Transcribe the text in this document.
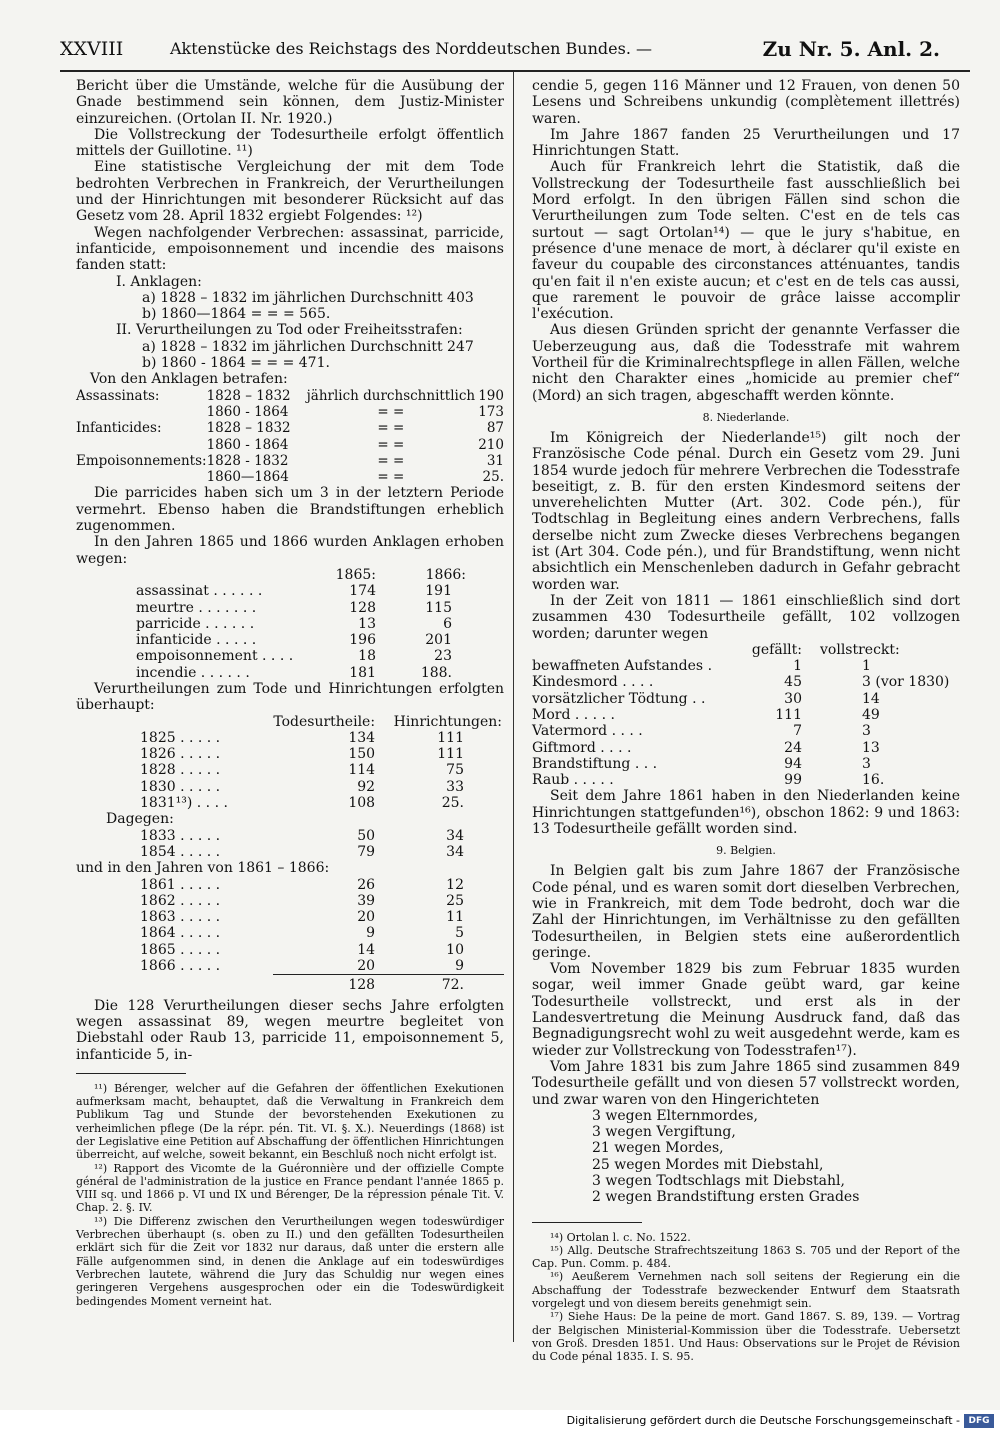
XXVIII	Aktenstücke des Reichstags des Norddeutschen Bundes. —	Zu Nr. 5. Anl. 2.

Bericht über die Umstände, welche für die Ausübung der Gnade bestimmend sein können, dem Justiz-Minister einzureichen. (Ortolan II. Nr. 1920.)

Die Vollstreckung der Todesurtheile erfolgt öffentlich mittels der Guillotine. ¹¹)

Eine statistische Vergleichung der mit dem Tode bedrohten Verbrechen in Frankreich, der Verurtheilungen und der Hinrichtungen mit besonderer Rücksicht auf das Gesetz vom 28. April 1832 ergiebt Folgendes: ¹²)

Wegen nachfolgender Verbrechen: assassinat, parricide, infanticide, empoisonnement und incendie des maisons fanden statt:

I. Anklagen:
a) 1828 – 1832 im jährlichen Durchschnitt 403
b) 1860—1864 = = = 565.
II. Verurtheilungen zu Tod oder Freiheitsstrafen:
a) 1828 – 1832 im jährlichen Durchschnitt 247
b) 1860 - 1864 = = = 471.
Von den Anklagen betrafen:
Assassinats:	1828 – 1832	jährlich durchschnittlich	190
	1860 - 1864	= =	173
Infanticides:	1828 – 1832	= =	87
	1860 - 1864	= =	210
Empoisonnements:	1828 - 1832	= =	31
	1860—1864	= =	25.

Die parricides haben sich um 3 in der letztern Periode vermehrt. Ebenso haben die Brandstiftungen erheblich zugenommen.

In den Jahren 1865 und 1866 wurden Anklagen erhoben wegen:

	1865:	1866:
assassinat . . . . . .	174	191
meurtre . . . . . . .	128	115
parricide . . . . . .	13	6
infanticide . . . . .	196	201
empoisonnement . . . .	18	23
incendie . . . . . .	181	188.

Verurtheilungen zum Tode und Hinrichtungen erfolgten überhaupt:

	Todesurtheile:	Hinrichtungen:
1825 . . . . .	134	111
1826 . . . . .	150	111
1828 . . . . .	114	75
1830 . . . . .	92	33
1831¹³) . . . .	108	25.
Dagegen:		
1833 . . . . .	50	34
1854 . . . . .	79	34
und in den Jahren von 1861 – 1866:		
1861 . . . . .	26	12
1862 . . . . .	39	25
1863 . . . . .	20	11
1864 . . . . .	9	5
1865 . . . . .	14	10
1866 . . . . .	20	9
	128	72.

Die 128 Verurtheilungen dieser sechs Jahre erfolgten wegen assassinat 89, wegen meurtre begleitet von Diebstahl oder Raub 13, parricide 11, empoisonnement 5, infanticide 5, in-

¹¹) Bérenger, welcher auf die Gefahren der öffentlichen Exekutionen aufmerksam macht, behauptet, daß die Verwaltung in Frankreich dem Publikum Tag und Stunde der bevorstehenden Exekutionen zu verheimlichen pflege (De la répr. pén. Tit. VI. §. X.). Neuerdings (1868) ist der Legislative eine Petition auf Abschaffung der öffentlichen Hinrichtungen überreicht, auf welche, soweit bekannt, ein Beschluß noch nicht erfolgt ist.

¹²) Rapport des Vicomte de la Guéronnière und der offizielle Compte général de l'administration de la justice en France pendant l'année 1865 p. VIII sq. und 1866 p. VI und IX und Bérenger, De la répression pénale Tit. V. Chap. 2. §. IV.

¹³) Die Differenz zwischen den Verurtheilungen wegen todeswürdiger Verbrechen überhaupt (s. oben zu II.) und den gefällten Todesurtheilen erklärt sich für die Zeit vor 1832 nur daraus, daß unter die erstern alle Fälle aufgenommen sind, in denen die Anklage auf ein todeswürdiges Verbrechen lautete, während die Jury das Schuldig nur wegen eines geringeren Vergehens ausgesprochen oder ein die Todeswürdigkeit bedingendes Moment verneint hat.

cendie 5, gegen 116 Männer und 12 Frauen, von denen 50 Lesens und Schreibens unkundig (complètement illettrés) waren.

Im Jahre 1867 fanden 25 Verurtheilungen und 17 Hinrichtungen Statt.

Auch für Frankreich lehrt die Statistik, daß die Vollstreckung der Todesurtheile fast ausschließlich bei Mord erfolgt. In den übrigen Fällen sind schon die Verurtheilungen zum Tode selten. C'est en de tels cas surtout — sagt Ortolan¹⁴) — que le jury s'habitue, en présence d'une menace de mort, à déclarer qu'il existe en faveur du coupable des circonstances atténuantes, tandis qu'en fait il n'en existe aucun; et c'est en de tels cas aussi, que rarement le pouvoir de grâce laisse accomplir l'exécution.

Aus diesen Gründen spricht der genannte Verfasser die Ueberzeugung aus, daß die Todesstrafe mit wahrem Vortheil für die Kriminalrechtspflege in allen Fällen, welche nicht den Charakter eines „homicide au premier chef“ (Mord) an sich tragen, abgeschafft werden könnte.

8. Niederlande.

Im Königreich der Niederlande¹⁵) gilt noch der Französische Code pénal. Durch ein Gesetz vom 29. Juni 1854 wurde jedoch für mehrere Verbrechen die Todesstrafe beseitigt, z. B. für den ersten Kindesmord seitens der unverehelichten Mutter (Art. 302. Code pén.), für Todtschlag in Begleitung eines andern Verbrechens, falls derselbe nicht zum Zwecke dieses Verbrechens begangen ist (Art 304. Code pén.), und für Brandstiftung, wenn nicht absichtlich ein Menschenleben dadurch in Gefahr gebracht worden war.

In der Zeit von 1811 — 1861 einschließlich sind dort zusammen 430 Todesurtheile gefällt, 102 vollzogen worden; darunter wegen

	gefällt:	vollstreckt:
bewaffneten Aufstandes .	1	1
Kindesmord . . . .	45	3 (vor 1830)
vorsätzlicher Tödtung . .	30	14
Mord . . . . .	111	49
Vatermord . . . .	7	3
Giftmord . . . .	24	13
Brandstiftung . . .	94	3
Raub . . . . .	99	16.

Seit dem Jahre 1861 haben in den Niederlanden keine Hinrichtungen stattgefunden¹⁶), obschon 1862: 9 und 1863: 13 Todesurtheile gefällt worden sind.

9. Belgien.

In Belgien galt bis zum Jahre 1867 der Französische Code pénal, und es waren somit dort dieselben Verbrechen, wie in Frankreich, mit dem Tode bedroht, doch war die Zahl der Hinrichtungen, im Verhältnisse zu den gefällten Todesurtheilen, in Belgien stets eine außerordentlich geringe.

Vom November 1829 bis zum Februar 1835 wurden sogar, weil immer Gnade geübt ward, gar keine Todesurtheile vollstreckt, und erst als in der Landesvertretung die Meinung Ausdruck fand, daß das Begnadigungsrecht wohl zu weit ausgedehnt werde, kam es wieder zur Vollstreckung von Todesstrafen¹⁷).

Vom Jahre 1831 bis zum Jahre 1865 sind zusammen 849 Todesurtheile gefällt und von diesen 57 vollstreckt worden, und zwar waren von den Hingerichteten

3 wegen Elternmordes,
3 wegen Vergiftung,
21 wegen Mordes,
25 wegen Mordes mit Diebstahl,
3 wegen Todtschlags mit Diebstahl,
2 wegen Brandstiftung ersten Grades

¹⁴) Ortolan l. c. No. 1522.

¹⁵) Allg. Deutsche Strafrechtszeitung 1863 S. 705 und der Report of the Cap. Pun. Comm. p. 484.

¹⁶) Aeußerem Vernehmen nach soll seitens der Regierung ein die Abschaffung der Todesstrafe bezweckender Entwurf dem Staatsrath vorgelegt und von diesem bereits genehmigt sein.

¹⁷) Siehe Haus: De la peine de mort. Gand 1867. S. 89, 139. — Vortrag der Belgischen Ministerial-Kommission über die Todesstrafe. Uebersetzt von Groß. Dresden 1851. Und Haus: Observations sur le Projet de Révision du Code pénal 1835. I. S. 95.

Digitalisierung gefördert durch die Deutsche Forschungsgemeinschaft - DFG
